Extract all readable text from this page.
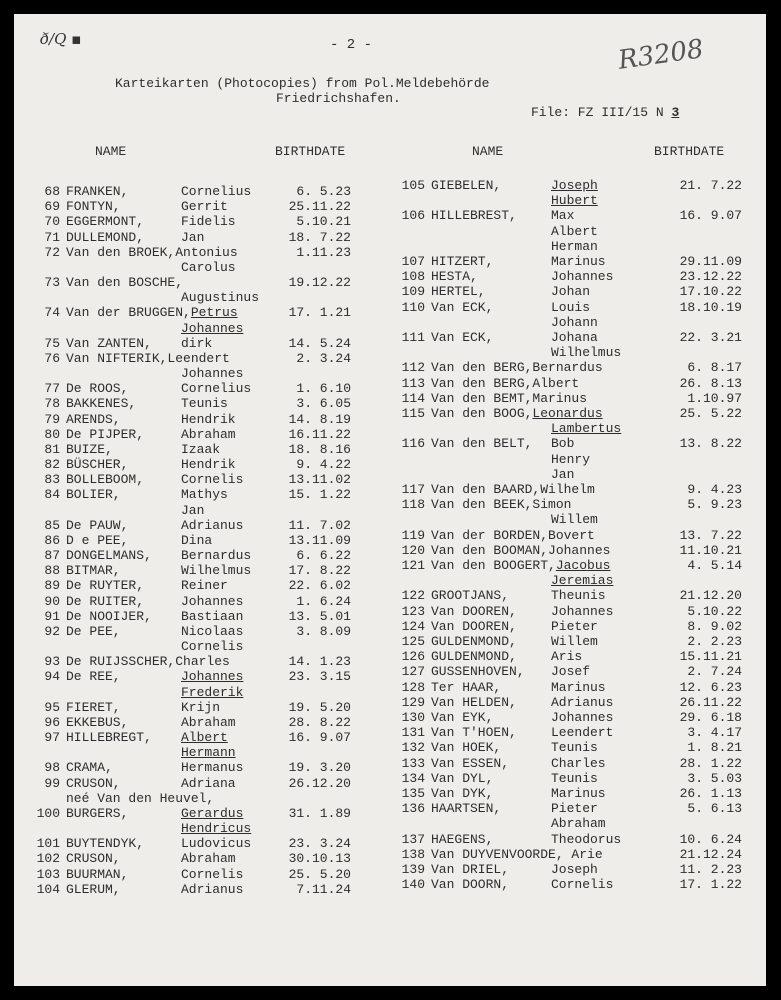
ð/Q ▪	R3208
- 2 -
Karteikarten (Photocopies) from Pol.Meldebehörde
Friedrichshafen.
File: FZ III/15 N 3
NAME	BIRTHDATE	NAME	BIRTHDATE
68 FRANKEN,	Cornelius	6. 5.23
69 FONTYN,	Gerrit	25.11.22
70 EGGERMONT,	Fidelis	5.10.21
71 DULLEMOND,	Jan	18. 7.22
72 Van den BROEK,Antonius	1.11.23
Carolus
73 Van den BOSCHE,	19.12.22
Augustinus
74 Van der BRUGGEN,Petrus	17. 1.21
Johannes
75 Van ZANTEN, dirk	14. 5.24
76 Van NIFTERIK,Leendert	2. 3.24
Johannes
77 De ROOS,	Cornelius	1. 6.10
78 BAKKENES,	Teunis	3. 6.05
79 ARENDS,	Hendrik	14. 8.19
80 De PIJPER,	Abraham	16.11.22
81 BUIZE,	Izaak	18. 8.16
82 BÜSCHER,	Hendrik	9. 4.22
83 BOLLEBOOM,	Cornelis	13.11.02
84 BOLIER,	Mathys	15. 1.22
Jan
85 De PAUW,	Adrianus	11. 7.02
86 D e PEE,	Dina	13.11.09
87 DONGELMANS, Bernardus	6. 6.22
88 BITMAR,	Wilhelmus	17. 8.22
89 De RUYTER,	Reiner	22. 6.02
90 De RUITER,	Johannes	1. 6.24
91 De NOOIJER, Bastiaan	13. 5.01
92 De PEE,	Nicolaas	3. 8.09
Cornelis
93 De RUIJSSCHER,Charles	14. 1.23
94 De REE,	Johannes	23. 3.15
Frederik
95 FIERET,	Krijn	19. 5.20
96 EKKEBUS,	Abraham	28. 8.22
97 HILLEBREGT, Albert	16. 9.07
Hermann
98 CRAMA,	Hermanus	19. 3.20
99 CRUSON,	Adriana	26.12.20
neé Van den Heuvel,
100 BURGERS,	Gerardus	31. 1.89
Hendricus
101 BUYTENDYK,	Ludovicus	23. 3.24
102 CRUSON,	Abraham	30.10.13
103 BUURMAN,	Cornelis	25. 5.20
104 GLERUM,	Adrianus	7.11.24
105 GIEBELEN,	Joseph	21. 7.22
Hubert
106 HILLEBREST,	Max	16. 9.07
Albert
Herman
107 HITZERT,	Marinus	29.11.09
108 HESTA,	Johannes	23.12.22
109 HERTEL,	Johan	17.10.22
110 Van ECK,	Louis	18.10.19
Johann
111 Van ECK,	Johana	22. 3.21
Wilhelmus
112 Van den BERG,Bernardus	6. 8.17
113 Van den BERG,Albert	26. 8.13
114 Van den BEMT,Marinus	1.10.97
115 Van den BOOG,Leonardus	25. 5.22
Lambertus
116 Van den BELT, Bob	13. 8.22
Henry
Jan
117 Van den BAARD,Wilhelm	9. 4.23
118 Van den BEEK,Simon	5. 9.23
Willem
119 Van der BORDEN,Bovert	13. 7.22
120 Van den BOOMAN,Johannes	11.10.21
121 Van den BOOGERT,Jacobus	4. 5.14
Jeremias
122 GROOTJANS,	Theunis	21.12.20
123 Van DOOREN,	Johannes	5.10.22
124 Van DOOREN,	Pieter	8. 9.02
125 GULDENMOND,	Willem	2. 2.23
126 GULDENMOND,	Aris	15.11.21
127 GUSSENHOVEN, Josef	2. 7.24
128 Ter HAAR,	Marinus	12. 6.23
129 Van HELDEN,	Adrianus	26.11.22
130 Van EYK,	Johannes	29. 6.18
131 Van T'HOEN,	Leendert	3. 4.17
132 Van HOEK,	Teunis	1. 8.21
133 Van ESSEN,	Charles	28. 1.22
134 Van DYL,	Teunis	3. 5.03
135 Van DYK,	Marinus	26. 1.13
136 HAARTSEN,	Pieter	5. 6.13
Abraham
137 HAEGENS,	Theodorus	10. 6.24
138 Van DUYVENVOORDE, Arie	21.12.24
139 Van DRIEL,	Joseph	11. 2.23
140 Van DOORN,	Cornelis	17. 1.22
